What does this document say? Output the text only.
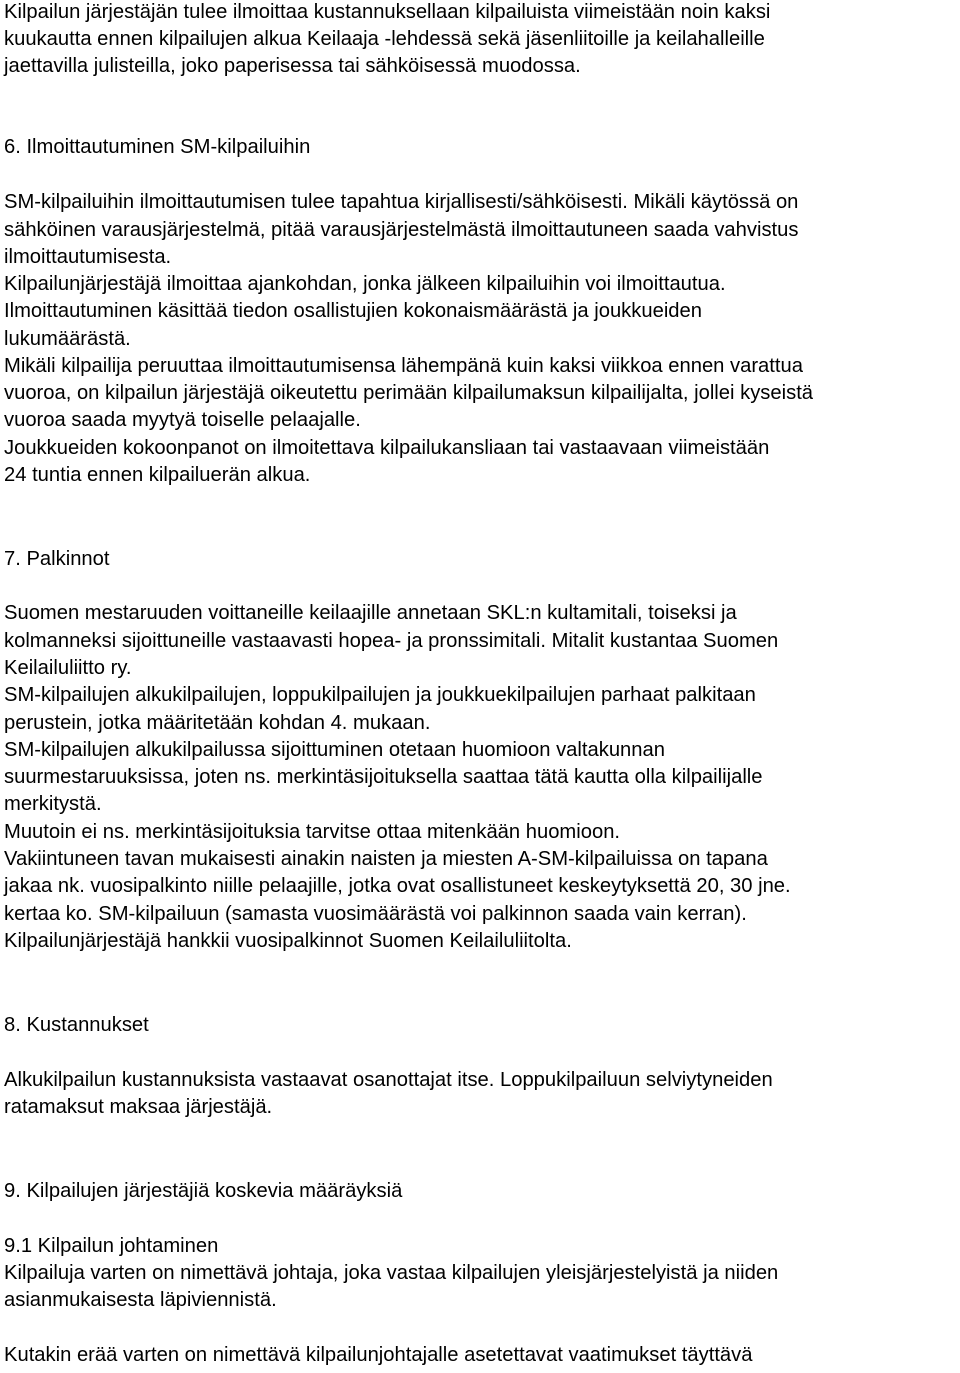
Kilpailun järjestäjän tulee ilmoittaa kustannuksellaan kilpailuista viimeistään noin kaksi

kuukautta ennen kilpailujen alkua Keilaaja -lehdessä sekä jäsenliitoille ja keilahalleille

jaettavilla julisteilla, joko paperisessa tai sähköisessä muodossa.

6. Ilmoittautuminen SM-kilpailuihin

SM-kilpailuihin ilmoittautumisen tulee tapahtua kirjallisesti/sähköisesti. Mikäli käytössä on

sähköinen varausjärjestelmä, pitää varausjärjestelmästä ilmoittautuneen saada vahvistus

ilmoittautumisesta.

Kilpailunjärjestäjä ilmoittaa ajankohdan, jonka jälkeen kilpailuihin voi ilmoittautua.

Ilmoittautuminen käsittää tiedon osallistujien kokonaismäärästä ja joukkueiden

lukumäärästä.

Mikäli kilpailija peruuttaa ilmoittautumisensa lähempänä kuin kaksi viikkoa ennen varattua

vuoroa, on kilpailun järjestäjä oikeutettu perimään kilpailumaksun kilpailijalta, jollei kyseistä

vuoroa saada myytyä toiselle pelaajalle.

Joukkueiden kokoonpanot on ilmoitettava kilpailukansliaan tai vastaavaan viimeistään

24 tuntia ennen kilpailuerän alkua.

7. Palkinnot

Suomen mestaruuden voittaneille keilaajille annetaan SKL:n kultamitali, toiseksi ja

kolmanneksi sijoittuneille vastaavasti hopea- ja pronssimitali. Mitalit kustantaa Suomen

Keilailuliitto ry.

SM-kilpailujen alkukilpailujen, loppukilpailujen ja joukkuekilpailujen parhaat palkitaan

perustein, jotka määritetään kohdan 4. mukaan.

SM-kilpailujen alkukilpailussa sijoittuminen otetaan huomioon valtakunnan

suurmestaruuksissa, joten ns. merkintäsijoituksella saattaa tätä kautta olla kilpailijalle

merkitystä.

Muutoin ei ns. merkintäsijoituksia tarvitse ottaa mitenkään huomioon.

Vakiintuneen tavan mukaisesti ainakin naisten ja miesten A-SM-kilpailuissa on tapana

jakaa nk. vuosipalkinto niille pelaajille, jotka ovat osallistuneet keskeytyksettä 20, 30 jne.

kertaa ko. SM-kilpailuun (samasta vuosimäärästä voi palkinnon saada vain kerran).

Kilpailunjärjestäjä hankkii vuosipalkinnot Suomen Keilailuliitolta.

8. Kustannukset

Alkukilpailun kustannuksista vastaavat osanottajat itse. Loppukilpailuun selviytyneiden

ratamaksut maksaa järjestäjä.

9. Kilpailujen järjestäjiä koskevia määräyksiä

9.1 Kilpailun johtaminen

Kilpailuja varten on nimettävä johtaja, joka vastaa kilpailujen yleisjärjestelyistä ja niiden

asianmukaisesta läpiviennistä.

Kutakin erää varten on nimettävä kilpailunjohtajalle asetettavat vaatimukset täyttävä
